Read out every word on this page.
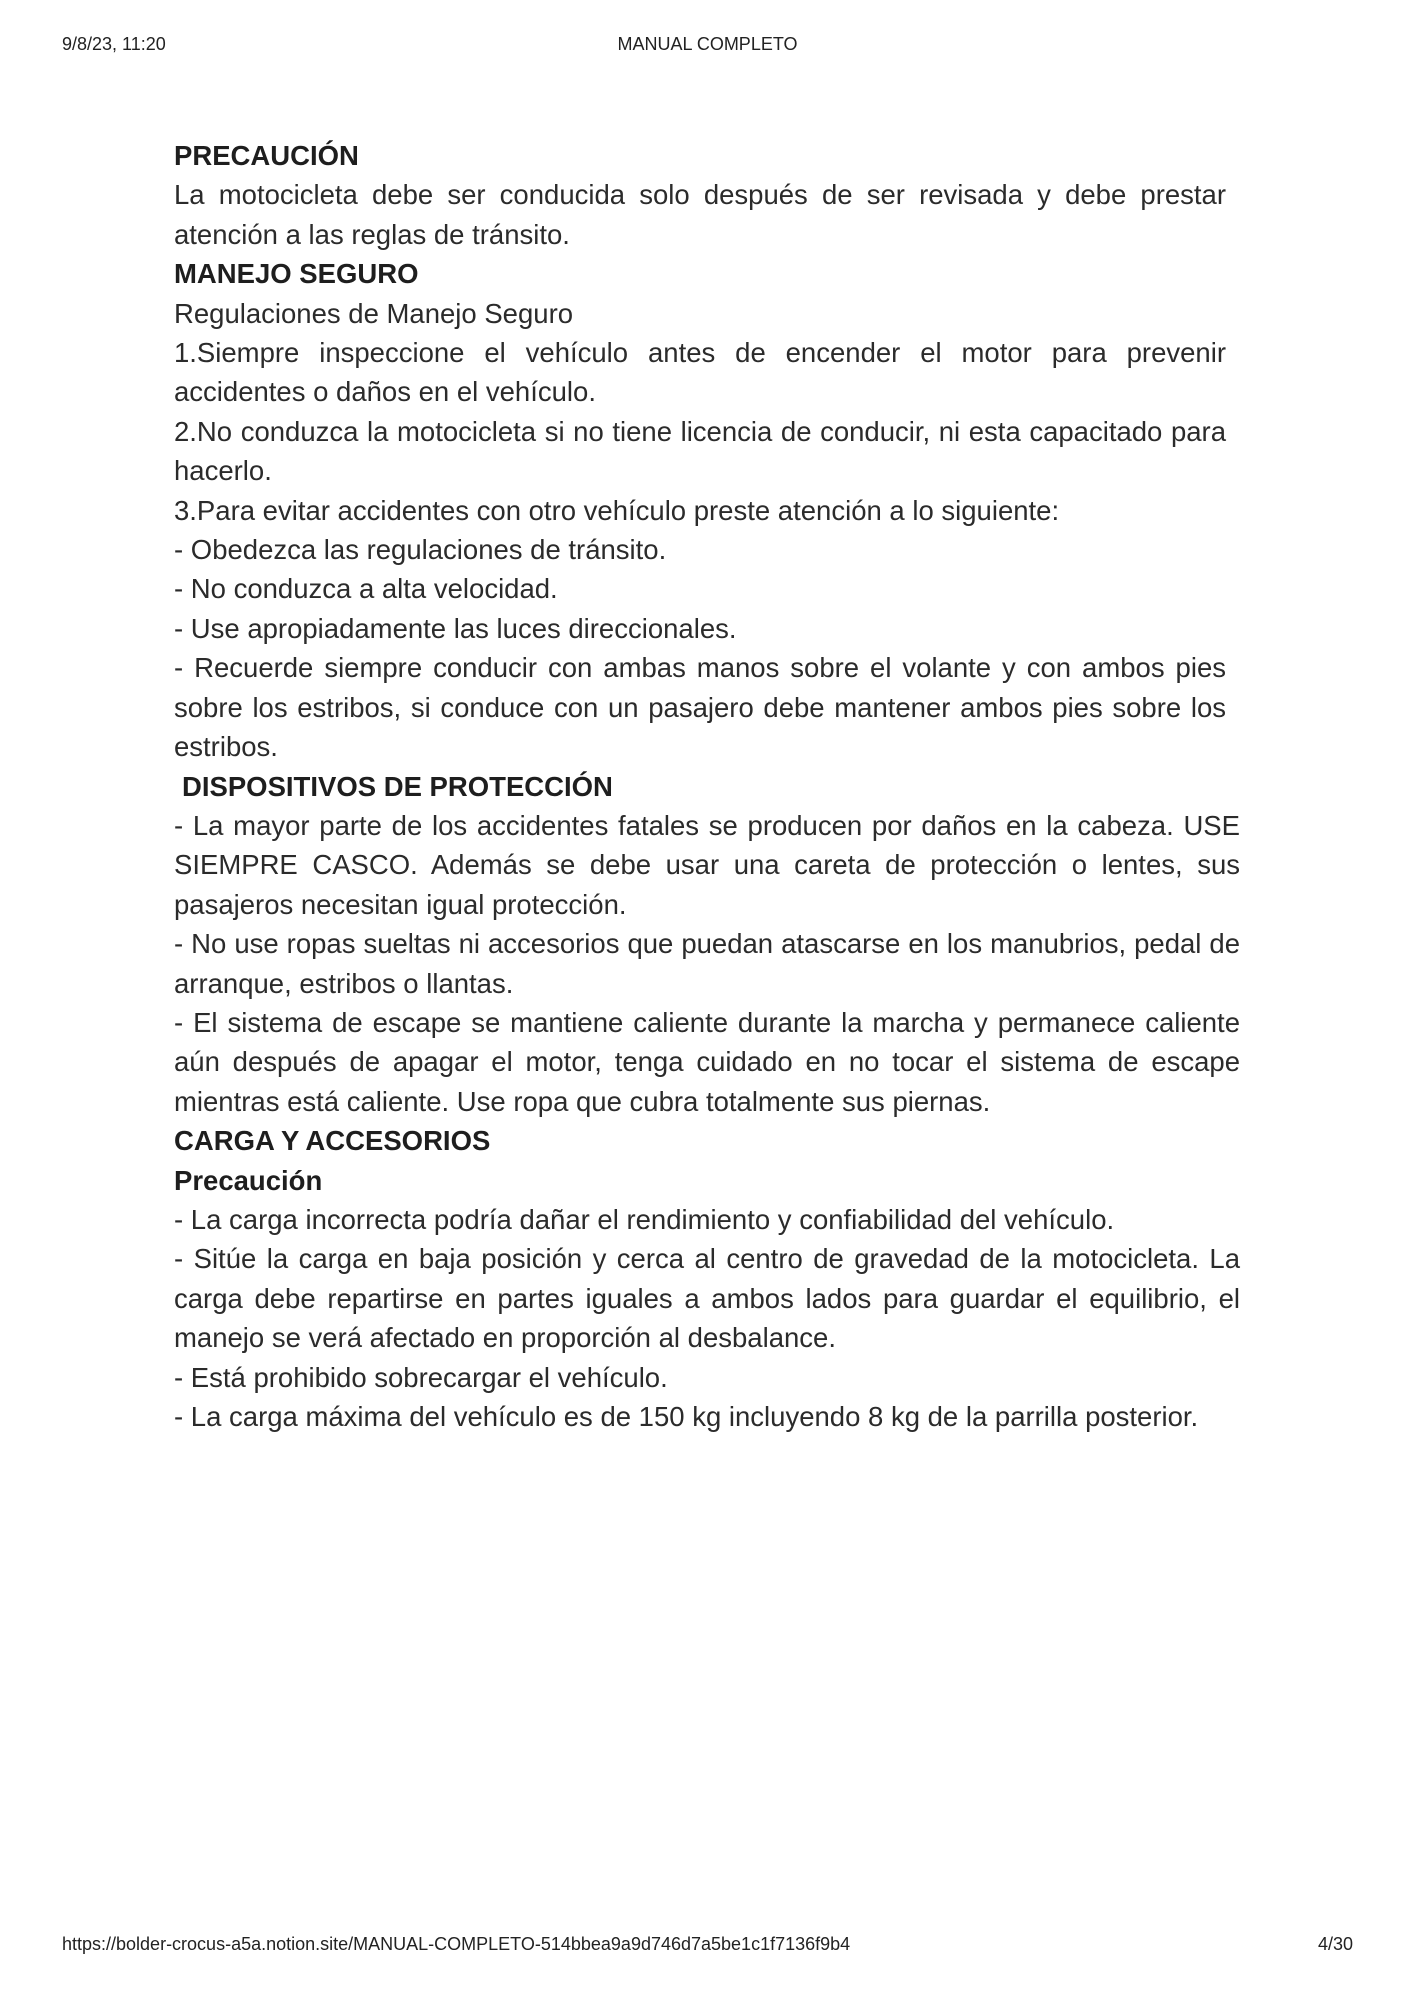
9/8/23, 11:20	MANUAL COMPLETO

PRECAUCIÓN

La motocicleta debe ser conducida solo después de ser revisada y debe prestar atención a las reglas de tránsito.

MANEJO SEGURO

Regulaciones de Manejo Seguro

1.Siempre inspeccione el vehículo antes de encender el motor para prevenir accidentes o daños en el vehículo.

2.No conduzca la motocicleta si no tiene licencia de conducir, ni esta capacitado para hacerlo.

3.Para evitar accidentes con otro vehículo preste atención a lo siguiente:

- Obedezca las regulaciones de tránsito.

- No conduzca a alta velocidad.

- Use apropiadamente las luces direccionales.

- Recuerde siempre conducir con ambas manos sobre el volante y con ambos pies sobre los estribos, si conduce con un pasajero debe mantener ambos pies sobre los estribos.

DISPOSITIVOS DE PROTECCIÓN

- La mayor parte de los accidentes fatales se producen por daños en la cabeza. USE SIEMPRE CASCO. Además se debe usar una careta de protección o lentes, sus pasajeros necesitan igual protección.

- No use ropas sueltas ni accesorios que puedan atascarse en los manubrios, pedal de arranque, estribos o llantas.

- El sistema de escape se mantiene caliente durante la marcha y permanece caliente aún después de apagar el motor, tenga cuidado en no tocar el sistema de escape mientras está caliente. Use ropa que cubra totalmente sus piernas.

CARGA Y ACCESORIOS

Precaución

- La carga incorrecta podría dañar el rendimiento y confiabilidad del vehículo.

- Sitúe la carga en baja posición y cerca al centro de gravedad de la motocicleta. La carga debe repartirse en partes iguales a ambos lados para guardar el equilibrio, el manejo se verá afectado en proporción al desbalance.

- Está prohibido sobrecargar el vehículo.

- La carga máxima del vehículo es de 150 kg incluyendo 8 kg de la parrilla posterior.

https://bolder-crocus-a5a.notion.site/MANUAL-COMPLETO-514bbea9a9d746d7a5be1c1f7136f9b4	4/30
